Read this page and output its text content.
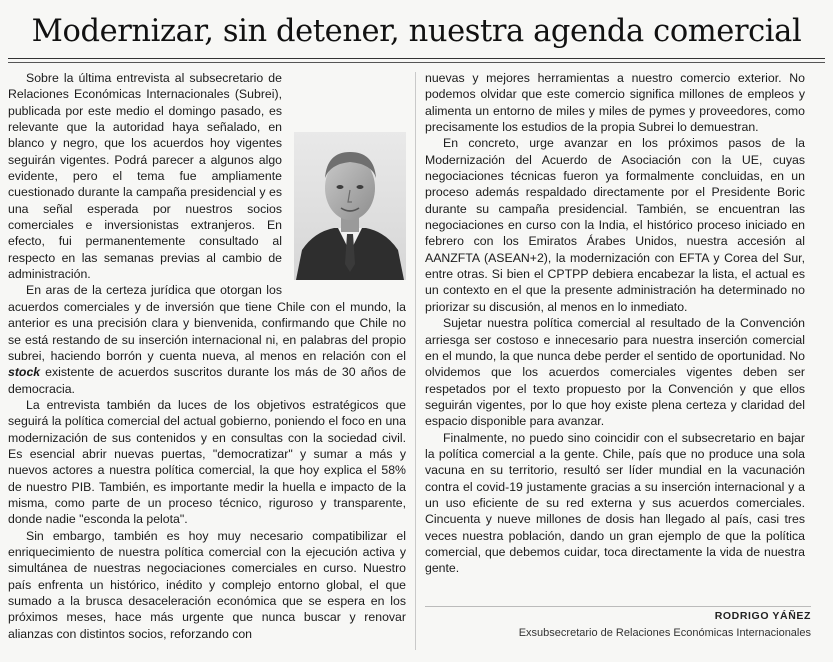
Modernizar, sin detener, nuestra agenda comercial

Sobre la última entrevista al subsecretario de Relaciones Económicas Internacionales (Subrei), publicada por este medio el domingo pasado, es relevante que la autoridad haya señalado, en blanco y negro, que los acuerdos hoy vigentes seguirán vigentes. Podrá parecer a algunos algo evidente, pero el tema fue ampliamente cuestionado durante la campaña presidencial y es una señal esperada por nuestros socios comerciales e inversionistas extranjeros. En efecto, fui permanentemente consultado al respecto en las semanas previas al cambio de administración.

En aras de la certeza jurídica que otorgan los acuerdos comerciales y de inversión que tiene Chile con el mundo, la anterior es una precisión clara y bienvenida, confirmando que Chile no se está restando de su inserción internacional ni, en palabras del propio subrei, haciendo borrón y cuenta nueva, al menos en relación con el stock existente de acuerdos suscritos durante los más de 30 años de democracia.

La entrevista también da luces de los objetivos estratégicos que seguirá la política comercial del actual gobierno, poniendo el foco en una modernización de sus contenidos y en consultas con la sociedad civil. Es esencial abrir nuevas puertas, "democratizar" y sumar a más y nuevos actores a nuestra política comercial, la que hoy explica el 58% de nuestro PIB. También, es importante medir la huella e impacto de la misma, como parte de un proceso técnico, riguroso y transparente, donde nadie "esconda la pelota".

Sin embargo, también es hoy muy necesario compatibilizar el enriquecimiento de nuestra política comercial con la ejecución activa y simultánea de nuestras negociaciones comerciales en curso. Nuestro país enfrenta un histórico, inédito y complejo entorno global, el que sumado a la brusca desaceleración económica que se espera en los próximos meses, hace más urgente que nunca buscar y renovar alianzas con distintos socios, reforzando con

nuevas y mejores herramientas a nuestro comercio exterior. No podemos olvidar que este comercio significa millones de empleos y alimenta un entorno de miles y miles de pymes y proveedores, como precisamente los estudios de la propia Subrei lo demuestran.

En concreto, urge avanzar en los próximos pasos de la Modernización del Acuerdo de Asociación con la UE, cuyas negociaciones técnicas fueron ya formalmente concluidas, en un proceso además respaldado directamente por el Presidente Boric durante su campaña presidencial. También, se encuentran las negociaciones en curso con la India, el histórico proceso iniciado en febrero con los Emiratos Árabes Unidos, nuestra accesión al AANZFTA (ASEAN+2), la modernización con EFTA y Corea del Sur, entre otras. Si bien el CPTPP debiera encabezar la lista, el actual es un contexto en el que la presente administración ha determinado no priorizar su discusión, al menos en lo inmediato.

Sujetar nuestra política comercial al resultado de la Convención arriesga ser costoso e innecesario para nuestra inserción comercial en el mundo, la que nunca debe perder el sentido de oportunidad. No olvidemos que los acuerdos comerciales vigentes deben ser respetados por el texto propuesto por la Convención y que ellos seguirán vigentes, por lo que hoy existe plena certeza y claridad del espacio disponible para avanzar.

Finalmente, no puedo sino coincidir con el subsecretario en bajar la política comercial a la gente. Chile, país que no produce una sola vacuna en su territorio, resultó ser líder mundial en la vacunación contra el covid-19 justamente gracias a su inserción internacional y a un uso eficiente de su red externa y sus acuerdos comerciales. Cincuenta y nueve millones de dosis han llegado al país, casi tres veces nuestra población, dando un gran ejemplo de que la política comercial, que debemos cuidar, toca directamente la vida de nuestra gente.

RODRIGO YÁÑEZ
Exsubsecretario de Relaciones Económicas Internacionales
